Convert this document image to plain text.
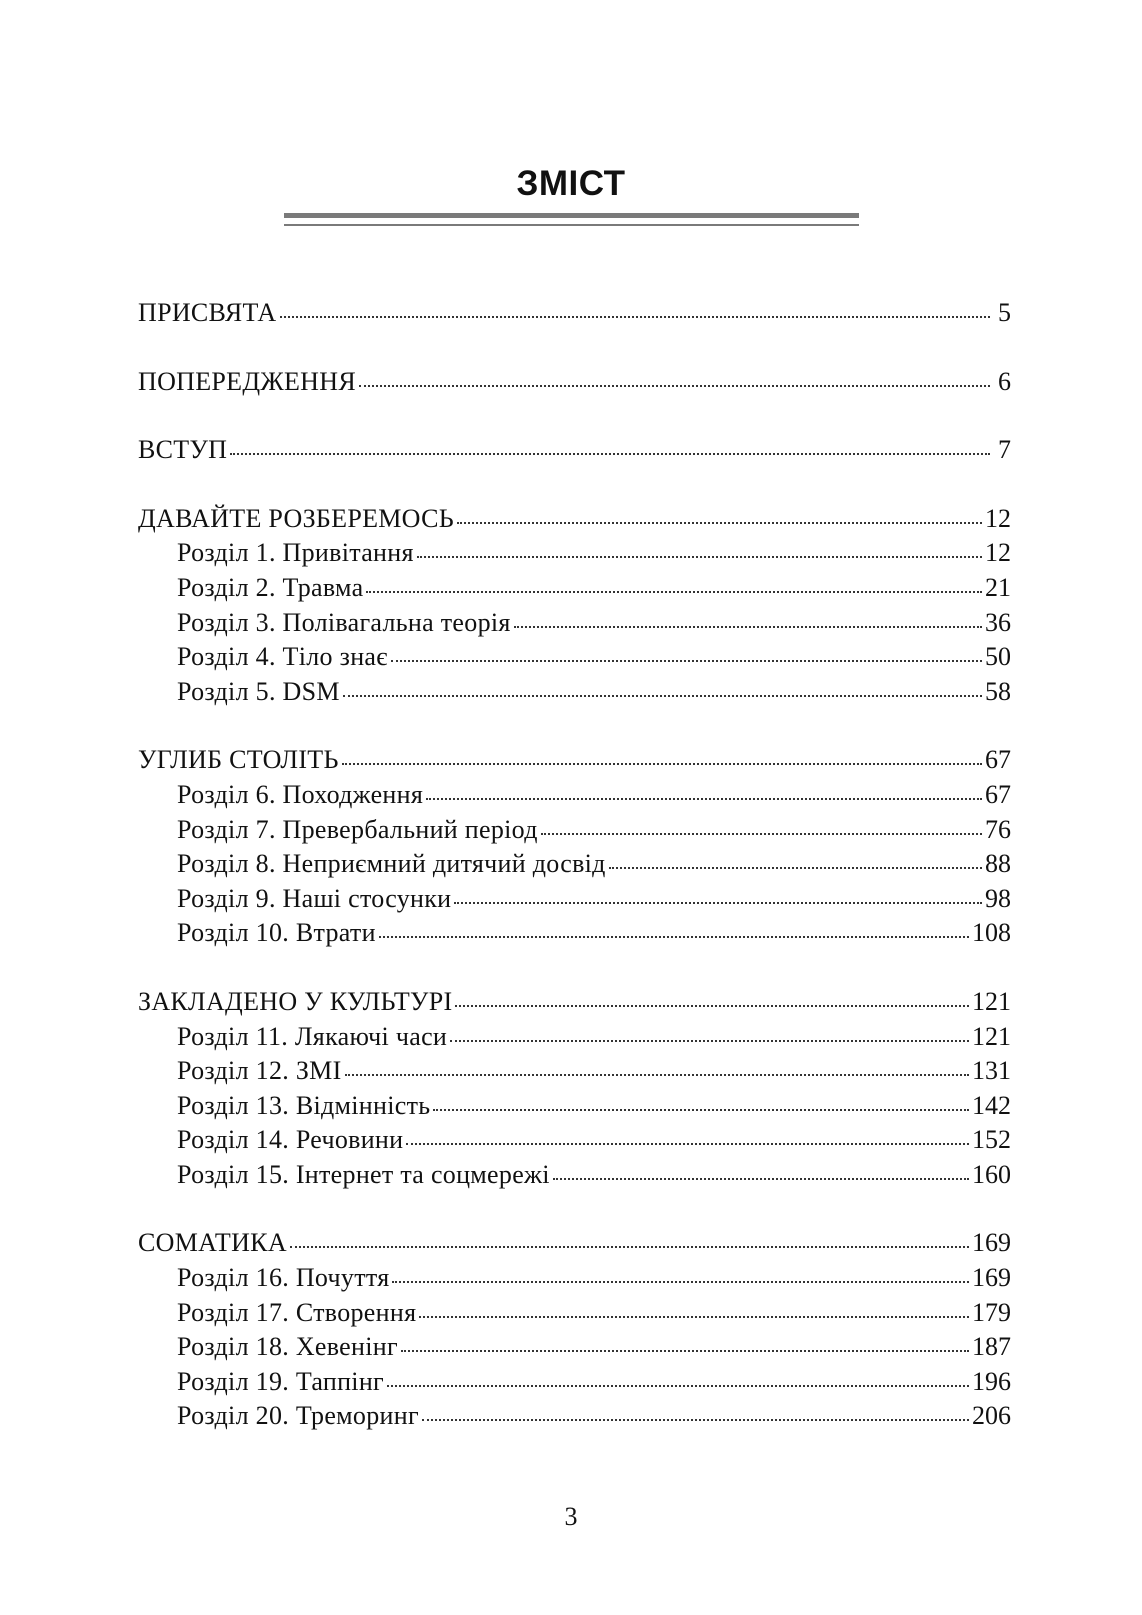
ЗМІСТ
ПРИСВЯТА	5
ПОПЕРЕДЖЕННЯ	6
ВСТУП	7
ДАВАЙТЕ РОЗБЕРЕМОСЬ	12
Розділ 1. Привітання	12
Розділ 2. Травма	21
Розділ 3. Полівагальна теорія	36
Розділ 4. Тіло знає	50
Розділ 5. DSM	58
УГЛИБ СТОЛІТЬ	67
Розділ 6. Походження	67
Розділ 7. Превербальний період	76
Розділ 8. Неприємний дитячий досвід	88
Розділ 9. Наші стосунки	98
Розділ 10. Втрати	108
ЗАКЛАДЕНО У КУЛЬТУРІ	121
Розділ 11. Лякаючі часи	121
Розділ 12. ЗМІ	131
Розділ 13. Відмінність	142
Розділ 14. Речовини	152
Розділ 15. Інтернет та соцмережі	160
СОМАТИКА	169
Розділ 16. Почуття	169
Розділ 17. Створення	179
Розділ 18. Хевенінг	187
Розділ 19. Таппінг	196
Розділ 20. Треморинг	206
3
